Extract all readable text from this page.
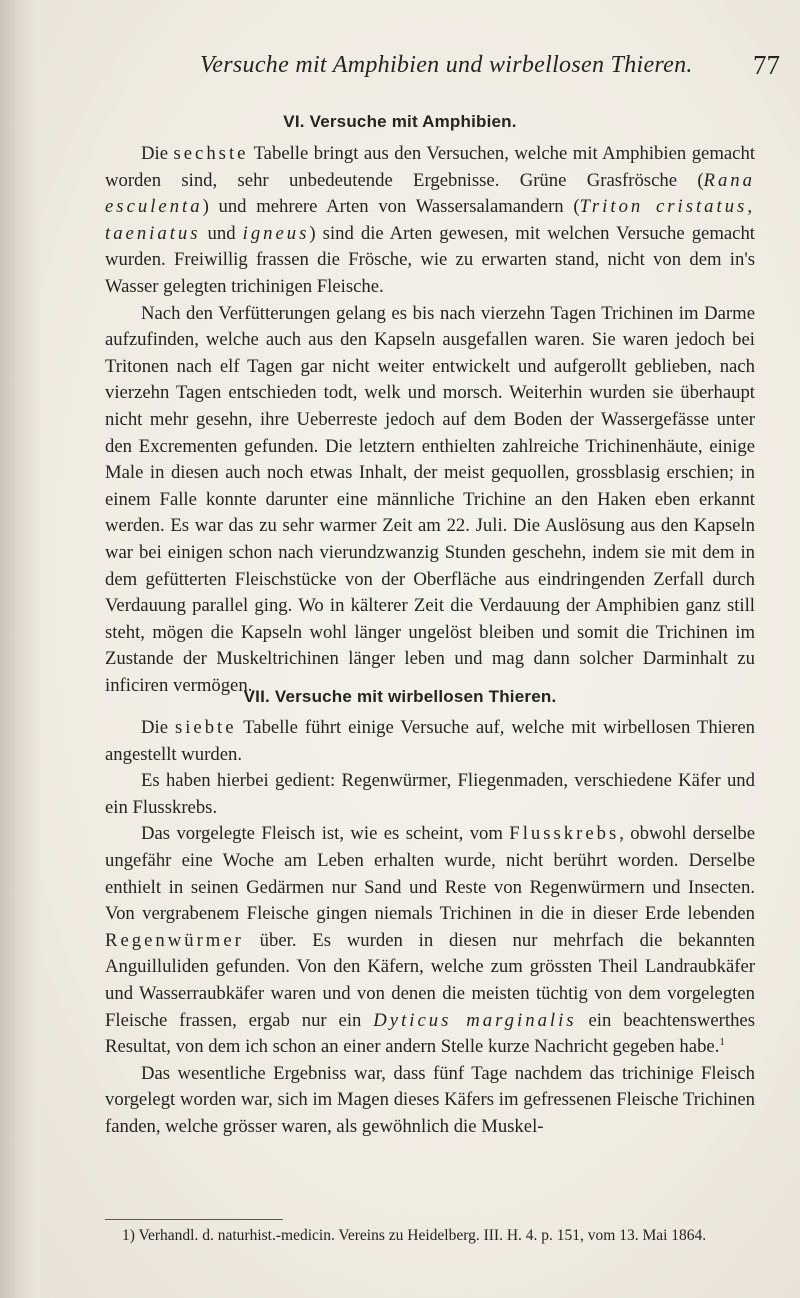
Versuche mit Amphibien und wirbellosen Thieren. 77
VI. Versuche mit Amphibien.

Die sechste Tabelle bringt aus den Versuchen, welche mit Amphibien gemacht worden sind, sehr unbedeutende Ergebnisse. Grüne Grasfrösche (Rana esculenta) und mehrere Arten von Wassersalamandern (Triton cristatus, taeniatus und igneus) sind die Arten gewesen, mit welchen Versuche gemacht wurden. Freiwillig frassen die Frösche, wie zu erwarten stand, nicht von dem in's Wasser gelegten trichinigen Fleische.

Nach den Verfütterungen gelang es bis nach vierzehn Tagen Trichinen im Darme aufzufinden, welche auch aus den Kapseln ausgefallen waren. Sie waren jedoch bei Tritonen nach elf Tagen gar nicht weiter entwickelt und aufgerollt geblieben, nach vierzehn Tagen entschieden todt, welk und morsch. Weiterhin wurden sie überhaupt nicht mehr gesehn, ihre Ueberreste jedoch auf dem Boden der Wassergefässe unter den Excrementen gefunden. Die letztern enthielten zahlreiche Trichinenhäute, einige Male in diesen auch noch etwas Inhalt, der meist gequollen, grossblasig erschien; in einem Falle konnte darunter eine männliche Trichine an den Haken eben erkannt werden. Es war das zu sehr warmer Zeit am 22. Juli. Die Auslösung aus den Kapseln war bei einigen schon nach vierundzwanzig Stunden geschehn, indem sie mit dem in dem gefütterten Fleischstücke von der Oberfläche aus eindringenden Zerfall durch Verdauung parallel ging. Wo in kälterer Zeit die Verdauung der Amphibien ganz still steht, mögen die Kapseln wohl länger ungelöst bleiben und somit die Trichinen im Zustande der Muskeltrichinen länger leben und mag dann solcher Darminhalt zu inficiren vermögen.

VII. Versuche mit wirbellosen Thieren.

Die siebte Tabelle führt einige Versuche auf, welche mit wirbellosen Thieren angestellt wurden.

Es haben hierbei gedient: Regenwürmer, Fliegenmaden, verschiedene Käfer und ein Flusskrebs.

Das vorgelegte Fleisch ist, wie es scheint, vom Flusskrebs, obwohl derselbe ungefähr eine Woche am Leben erhalten wurde, nicht berührt worden. Derselbe enthielt in seinen Gedärmen nur Sand und Reste von Regenwürmern und Insecten. Von vergrabenem Fleische gingen niemals Trichinen in die in dieser Erde lebenden Regenwürmer über. Es wurden in diesen nur mehrfach die bekannten Anguilluliden gefunden. Von den Käfern, welche zum grössten Theil Landraubkäfer und Wasserraubkäfer waren und von denen die meisten tüchtig von dem vorgelegten Fleische frassen, ergab nur ein Dyticus marginalis ein beachtenswerthes Resultat, von dem ich schon an einer andern Stelle kurze Nachricht gegeben habe.$^1$

Das wesentliche Ergebniss war, dass fünf Tage nachdem das trichinige Fleisch vorgelegt worden war, sich im Magen dieses Käfers im gefressenen Fleische Trichinen fanden, welche grösser waren, als gewöhnlich die Muskel-

1) Verhandl. d. naturhist.-medicin. Vereins zu Heidelberg. III. H. 4. p. 151, vom 13. Mai 1864.
